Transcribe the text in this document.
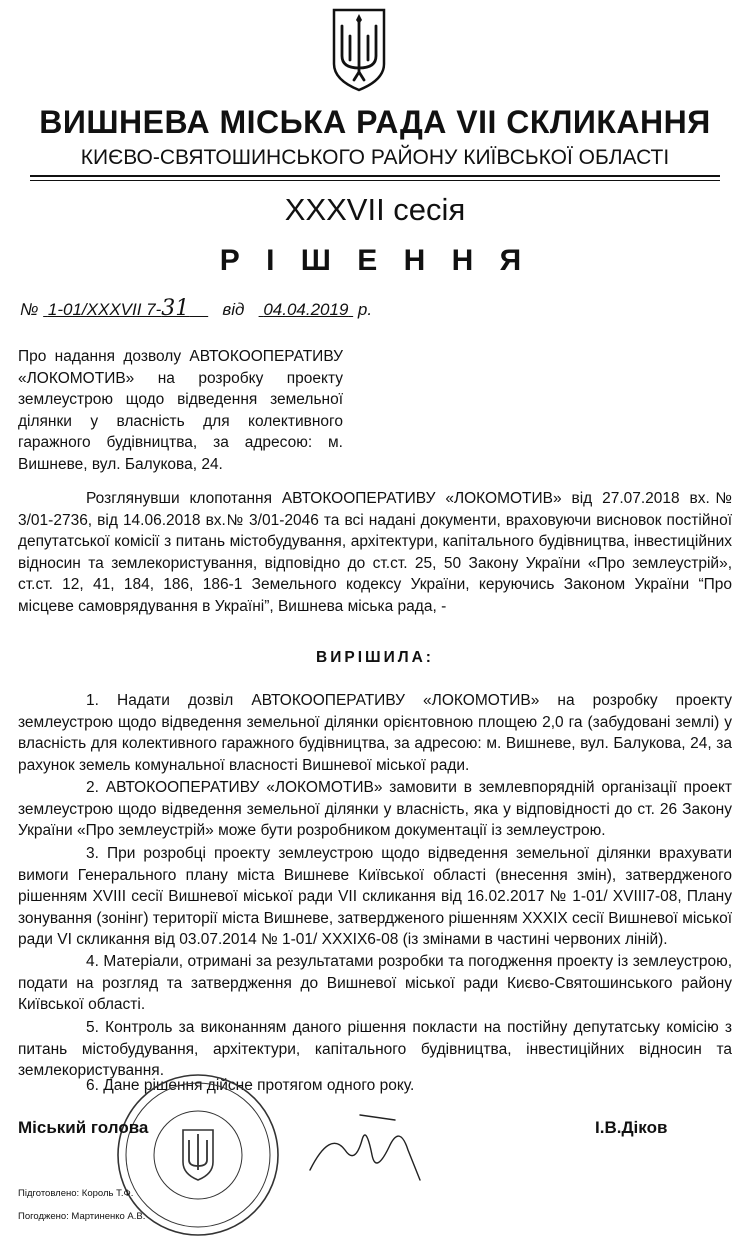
ВИШНЕВА МІСЬКА РАДА VII СКЛИКАННЯ
КИЄВО-СВЯТОШИНСЬКОГО РАЙОНУ КИЇВСЬКОЇ ОБЛАСТІ
XXXVII сесія
Р І Ш Е Н Н Я
№ 1-01/XXXVII 7-31 від 04.04.2019 р.
Про надання дозволу АВТОКООПЕРАТИВУ «ЛОКОМОТИВ» на розробку проекту землеустрою щодо відведення земельної ділянки у власність для колективного гаражного будівництва, за адресою: м. Вишневе, вул. Балукова, 24.

Розглянувши клопотання АВТОКООПЕРАТИВУ «ЛОКОМОТИВ» від 27.07.2018 вх.№ 3/01-2736, від 14.06.2018 вх.№ 3/01-2046 та всі надані документи, враховуючи висновок постійної депутатської комісії з питань містобудування, архітектури, капітального будівництва, інвестиційних відносин та землекористування, відповідно до ст.ст. 25, 50 Закону України «Про землеустрій», ст.ст. 12, 41, 184, 186, 186-1 Земельного кодексу України, керуючись Законом України “Про місцеве самоврядування в Україні”, Вишнева міська рада, -

ВИРІШИЛА:

1. Надати дозвіл АВТОКООПЕРАТИВУ «ЛОКОМОТИВ» на розробку проекту землеустрою щодо відведення земельної ділянки орієнтовною площею 2,0 га (забудовані землі) у власність для колективного гаражного будівництва, за адресою: м. Вишневе, вул. Балукова, 24, за рахунок земель комунальної власності Вишневої міської ради.

2. АВТОКООПЕРАТИВУ «ЛОКОМОТИВ» замовити в землевпорядній організації проект землеустрою щодо відведення земельної ділянки у власність, яка у відповідності до ст. 26 Закону України «Про землеустрій» може бути розробником документації із землеустрою.

3. При розробці проекту землеустрою щодо відведення земельної ділянки врахувати вимоги Генерального плану міста Вишневе Київської області (внесення змін), затвердженого рішенням XVIII сесії Вишневої міської ради VII скликання від 16.02.2017 № 1-01/ XVIII7-08, Плану зонування (зонінг) території міста Вишневе, затвердженого рішенням XXXIX сесії Вишневої міської ради VI скликання від 03.07.2014 № 1-01/ XXXIX6-08 (із змінами в частині червоних ліній).

4. Матеріали, отримані за результатами розробки та погодження проекту із землеустрою, подати на розгляд та затвердження до Вишневої міської ради Києво-Святошинського району Київської області.

5. Контроль за виконанням даного рішення покласти на постійну депутатську комісію з питань містобудування, архітектури, капітального будівництва, інвестиційних відносин та землекористування.

6. Дане рішення дійсне протягом одного року.

Міський голова	І.В.Діков
Підготовлено: Король Т.Ф.
Погоджено: Мартиненко А.В.
